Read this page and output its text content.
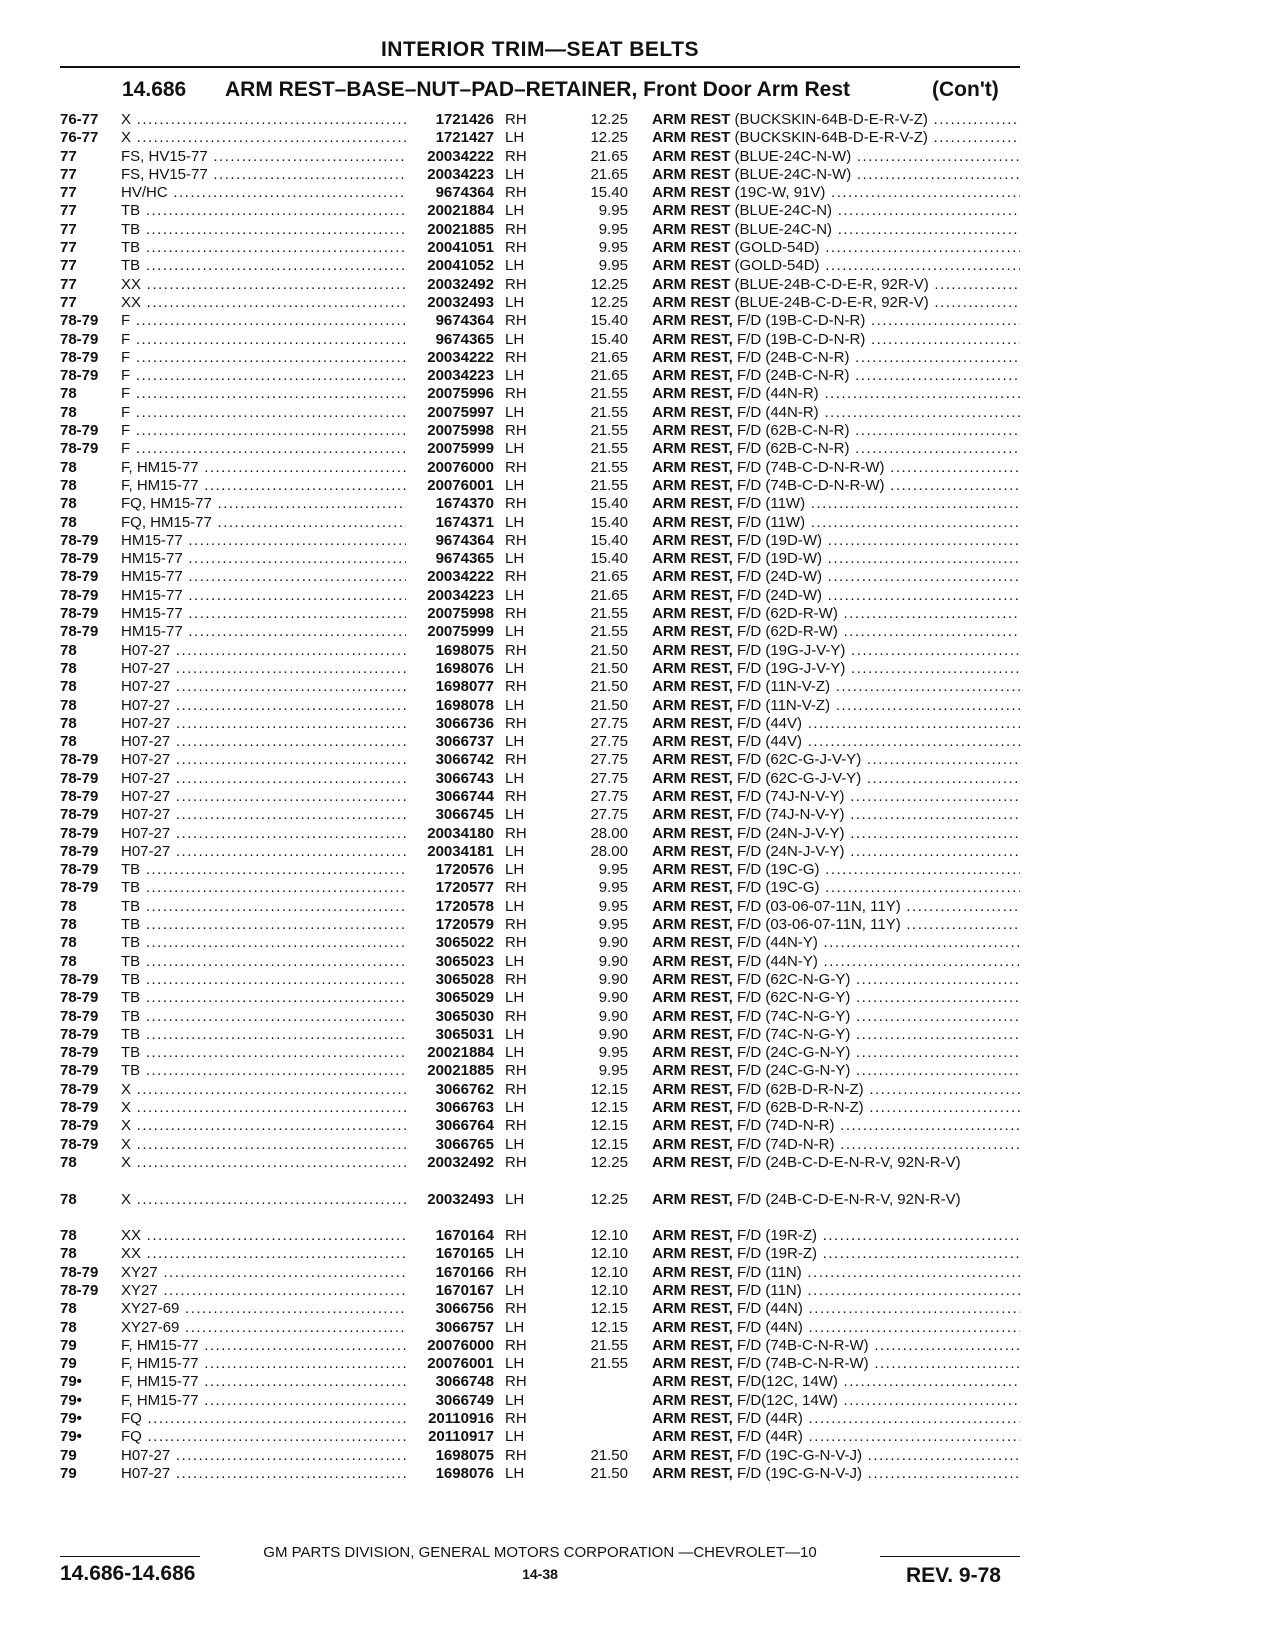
INTERIOR TRIM—SEAT BELTS
14.686 ARM REST–BASE–NUT–PAD–RETAINER, Front Door Arm Rest	(Con't)
76-77 X .....	1721426 RH	12.25 ARM REST (BUCKSKIN-64B-D-E-R-V-Z) .....
76-77 X .....	1721427 LH	12.25 ARM REST (BUCKSKIN-64B-D-E-R-V-Z) .....
77	FS, HV15-77 .....	20034222 RH	21.65 ARM REST (BLUE-24C-N-W) .....
77	FS, HV15-77 .....	20034223 LH	21.65 ARM REST (BLUE-24C-N-W) .....
77	HV/HC .....	9674364 RH	15.40 ARM REST (19C-W, 91V) .....
77	TB .....	20021884 LH	9.95 ARM REST (BLUE-24C-N) .....
77	TB .....	20021885 RH	9.95 ARM REST (BLUE-24C-N) .....
77	TB .....	20041051 RH	9.95 ARM REST (GOLD-54D) .....
77	TB .....	20041052 LH	9.95 ARM REST (GOLD-54D) .....
77	XX .....	20032492 RH	12.25 ARM REST (BLUE-24B-C-D-E-R, 92R-V) .....
77	XX .....	20032493 LH	12.25 ARM REST (BLUE-24B-C-D-E-R, 92R-V) .....
78-79 F .....	9674364 RH	15.40 ARM REST, F/D (19B-C-D-N-R) .....
78-79 F .....	9674365 LH	15.40 ARM REST, F/D (19B-C-D-N-R) .....
78-79 F .....	20034222 RH	21.65 ARM REST, F/D (24B-C-N-R) .....
78-79 F .....	20034223 LH	21.65 ARM REST, F/D (24B-C-N-R) .....
78	F .....	20075996 RH	21.55 ARM REST, F/D (44N-R) .....
78	F .....	20075997 LH	21.55 ARM REST, F/D (44N-R) .....
78-79 F .....	20075998 RH	21.55 ARM REST, F/D (62B-C-N-R) .....
78-79 F .....	20075999 LH	21.55 ARM REST, F/D (62B-C-N-R) .....
78	F, HM15-77 .....	20076000 RH	21.55 ARM REST, F/D (74B-C-D-N-R-W) .....
78	F, HM15-77 .....	20076001 LH	21.55 ARM REST, F/D (74B-C-D-N-R-W) .....
78	FQ, HM15-77 .....	1674370 RH	15.40 ARM REST, F/D (11W) .....
78	FQ, HM15-77 .....	1674371 LH	15.40 ARM REST, F/D (11W) .....
78-79 HM15-77 .....	9674364 RH	15.40 ARM REST, F/D (19D-W) .....
78-79 HM15-77 .....	9674365 LH	15.40 ARM REST, F/D (19D-W) .....
78-79 HM15-77 .....	20034222 RH	21.65 ARM REST, F/D (24D-W) .....
78-79 HM15-77 .....	20034223 LH	21.65 ARM REST, F/D (24D-W) .....
78-79 HM15-77 .....	20075998 RH	21.55 ARM REST, F/D (62D-R-W) .....
78-79 HM15-77 .....	20075999 LH	21.55 ARM REST, F/D (62D-R-W) .....
78	H07-27 .....	1698075 RH	21.50 ARM REST, F/D (19G-J-V-Y) .....
78	H07-27 .....	1698076 LH	21.50 ARM REST, F/D (19G-J-V-Y) .....
78	H07-27 .....	1698077 RH	21.50 ARM REST, F/D (11N-V-Z) .....
78	H07-27 .....	1698078 LH	21.50 ARM REST, F/D (11N-V-Z) .....
78	H07-27 .....	3066736 RH	27.75 ARM REST, F/D (44V) .....
78	H07-27 .....	3066737 LH	27.75 ARM REST, F/D (44V) .....
78-79 H07-27 .....	3066742 RH	27.75 ARM REST, F/D (62C-G-J-V-Y) .....
78-79 H07-27 .....	3066743 LH	27.75 ARM REST, F/D (62C-G-J-V-Y) .....
78-79 H07-27 .....	3066744 RH	27.75 ARM REST, F/D (74J-N-V-Y) .....
78-79 H07-27 .....	3066745 LH	27.75 ARM REST, F/D (74J-N-V-Y) .....
78-79 H07-27 .....	20034180 RH	28.00 ARM REST, F/D (24N-J-V-Y) .....
78-79 H07-27 .....	20034181 LH	28.00 ARM REST, F/D (24N-J-V-Y) .....
78-79 TB .....	1720576 LH	9.95 ARM REST, F/D (19C-G) .....
78-79 TB .....	1720577 RH	9.95 ARM REST, F/D (19C-G) .....
78	TB .....	1720578 LH	9.95 ARM REST, F/D (03-06-07-11N, 11Y) .....
78	TB .....	1720579 RH	9.95 ARM REST, F/D (03-06-07-11N, 11Y) .....
78	TB .....	3065022 RH	9.90 ARM REST, F/D (44N-Y) .....
78	TB .....	3065023 LH	9.90 ARM REST, F/D (44N-Y) .....
78-79 TB .....	3065028 RH	9.90 ARM REST, F/D (62C-N-G-Y) .....
78-79 TB .....	3065029 LH	9.90 ARM REST, F/D (62C-N-G-Y) .....
78-79 TB .....	3065030 RH	9.90 ARM REST, F/D (74C-N-G-Y) .....
78-79 TB .....	3065031 LH	9.90 ARM REST, F/D (74C-N-G-Y) .....
78-79 TB .....	20021884 LH	9.95 ARM REST, F/D (24C-G-N-Y) .....
78-79 TB .....	20021885 RH	9.95 ARM REST, F/D (24C-G-N-Y) .....
78-79 X .....	3066762 RH	12.15 ARM REST, F/D (62B-D-R-N-Z) .....
78-79 X .....	3066763 LH	12.15 ARM REST, F/D (62B-D-R-N-Z) .....
78-79 X .....	3066764 RH	12.15 ARM REST, F/D (74D-N-R) .....
78-79 X .....	3066765 LH	12.15 ARM REST, F/D (74D-N-R) .....
78	X .....	20032492 RH	12.25 ARM REST, F/D (24B-C-D-E-N-R-V, 92N-R-V)
78	X .....	20032493 LH	12.25 ARM REST, F/D (24B-C-D-E-N-R-V, 92N-R-V)
78	XX .....	1670164 RH	12.10 ARM REST, F/D (19R-Z) .....
78	XX .....	1670165 LH	12.10 ARM REST, F/D (19R-Z) .....
78-79 XY27 .....	1670166 RH	12.10 ARM REST, F/D (11N) .....
78-79 XY27 .....	1670167 LH	12.10 ARM REST, F/D (11N) .....
78	XY27-69 .....	3066756 RH	12.15 ARM REST, F/D (44N) .....
78	XY27-69 .....	3066757 LH	12.15 ARM REST, F/D (44N) .....
79	F, HM15-77 .....	20076000 RH	21.55 ARM REST, F/D (74B-C-N-R-W) .....
79	F, HM15-77 .....	20076001 LH	21.55 ARM REST, F/D (74B-C-N-R-W) .....
79•	F, HM15-77 .....	3066748 RH	ARM REST, F/D(12C, 14W) .....
79•	F, HM15-77 .....	3066749 LH	ARM REST, F/D(12C, 14W) .....
79•	FQ .....	20110916 RH	ARM REST, F/D (44R) .....
79•	FQ .....	20110917 LH	ARM REST, F/D (44R) .....
79	H07-27 .....	1698075 RH	21.50 ARM REST, F/D (19C-G-N-V-J) .....
79	H07-27 .....	1698076 LH	21.50 ARM REST, F/D (19C-G-N-V-J) .....
GM PARTS DIVISION, GENERAL MOTORS CORPORATION —CHEVROLET—10
14.686-14.686	14-38	REV. 9-78
